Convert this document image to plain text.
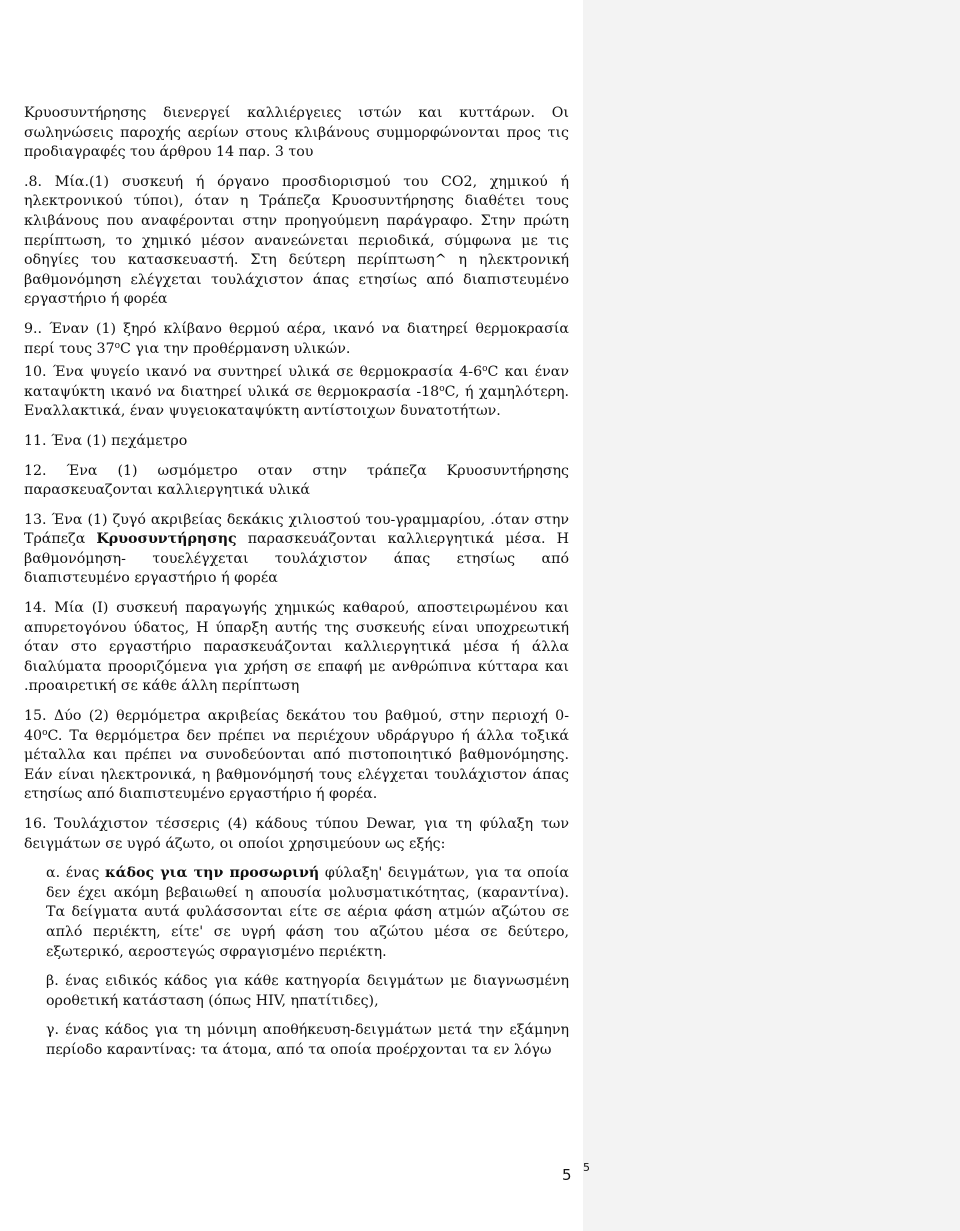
Κρυοσυντήρησης διενεργεί καλλιέργειες ιστών και κυττάρων. Οι σωληνώσεις παροχής αερίων στους κλιβάνους συμμορφώνονται προς τις προδιαγραφές του άρθρου 14 παρ. 3 του

.8. Μία.(1) συσκευή ή όργανο προσδιορισμού του CO2, χημικού ή ηλεκτρονικού τύποι), όταν η Τράπεζα Κρυοσυντήρησης διαθέτει τους κλιβάνους που αναφέρονται στην προηγούμενη παράγραφο. Στην πρώτη περίπτωση, το χημικό μέσον ανανεώνεται περιοδικά, σύμφωνα με τις οδηγίες του κατασκευαστή. Στη δεύτερη περίπτωση^ η ηλεκτρονική βαθμονόμηση ελέγχεται τουλάχιστον άπας ετησίως από διαπιστευμένο εργαστήριο ή φορέα

9.. Έναν (1) ξηρό κλίβανο θερμού αέρα, ικανό να διατηρεί θερμοκρασία περί τους 37$^o$C για την προθέρμανση υλικών.

10. Ένα ψυγείο ικανό να συντηρεί υλικά σε θερμοκρασία 4-6$^o$C και έναν καταψύκτη ικανό να διατηρεί υλικά σε θερμοκρασία -18$^o$C, ή χαμηλότερη. Εναλλακτικά, έναν ψυγειοκαταψύκτη αντίστοιχων δυνατοτήτων.

11. Ένα (1) πεχάμετρο

12. Ένα (1) ωσμόμετρο οταν στην τράπεζα Κρυοσυντήρησης παρασκευαζονται καλλιεργητικά υλικά

13. Ένα (1) ζυγό ακριβείας δεκάκις χιλιοστού του-γραμμαρίου, .όταν στην Τράπεζα Κρυοσυντήρησης παρασκευάζονται καλλιεργητικά μέσα. Η βαθμονόμηση- τουελέγχεται τουλάχιστον άπας ετησίως από διαπιστευμένο εργαστήριο ή φορέα

14. Μία (Ι) συσκευή παραγωγής χημικώς καθαρού, αποστειρωμένου και απυρετογόνου ύδατος, Η ύπαρξη αυτής της συσκευής είναι υποχρεωτική όταν στο εργαστήριο παρασκευάζονται καλλιεργητικά μέσα ή άλλα διαλύματα προοριζόμενα για χρήση σε επαφή με ανθρώπινα κύτταρα και .προαιρετική σε κάθε άλλη περίπτωση

15. Δύο (2) θερμόμετρα ακριβείας δεκάτου του βαθμού, στην περιοχή 0-40$^o$C. Τα θερμόμετρα δεν πρέπει να περιέχουν υδράργυρο ή άλλα τοξικά μέταλλα και πρέπει να συνοδεύονται από πιστοποιητικό βαθμονόμησης. Εάν είναι ηλεκτρονικά, η βαθμονόμησή τους ελέγχεται τουλάχιστον άπας ετησίως από διαπιστευμένο εργαστήριο ή φορέα.

16. Τουλάχιστον τέσσερις (4) κάδους τύπου Dewar, για τη φύλαξη των δειγμάτων σε υγρό άζωτο, οι οποίοι χρησιμεύουν ως εξής:

α. ένας κάδος για την προσωρινή φύλαξη' δειγμάτων, για τα οποία δεν έχει ακόμη βεβαιωθεί η απουσία μολυσματικότητας, (καραντίνα). Τα δείγματα αυτά φυλάσσονται είτε σε αέρια φάση ατμών αζώτου σε απλό περιέκτη, είτε' σε υγρή φάση του αζώτου μέσα σε δεύτερο, εξωτερικό, αεροστεγώς σφραγισμένο περιέκτη.

β. ένας ειδικός κάδος για κάθε κατηγορία δειγμάτων με διαγνωσμένη οροθετική κατάσταση (όπως HIV, ηπατίτιδες),

γ. ένας κάδος για τη μόνιμη αποθήκευση-δειγμάτων μετά την εξάμηνη περίοδο καραντίνας: τα άτομα, από τα οποία προέρχονται τα εν λόγω

5 5
